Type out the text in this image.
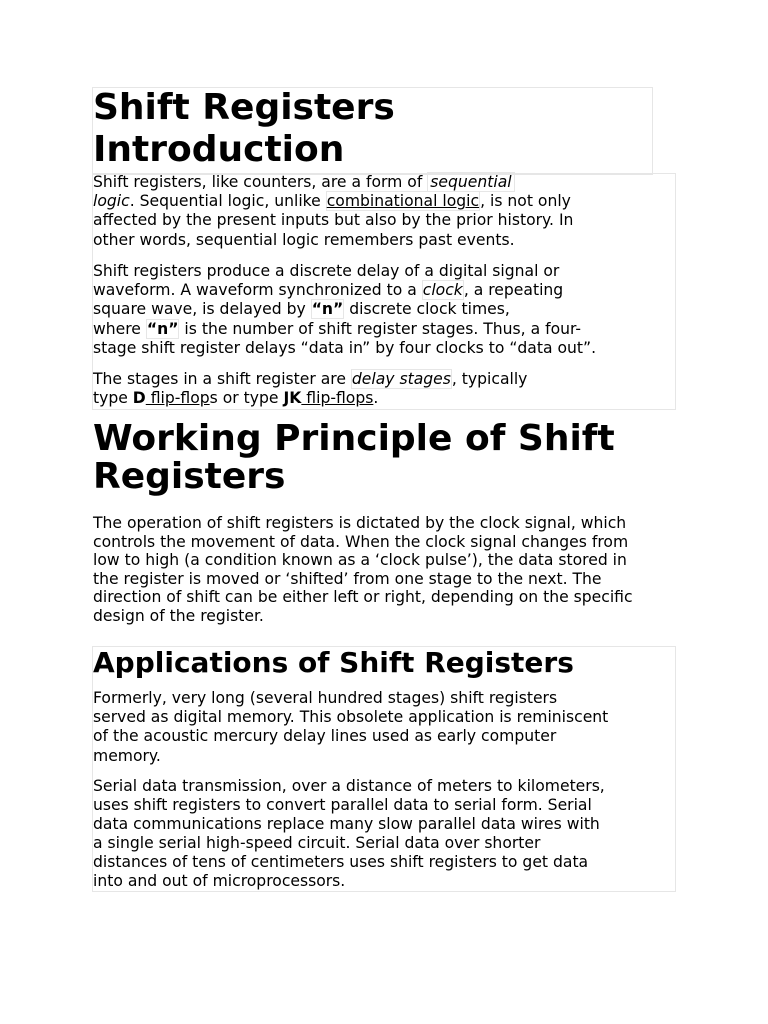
Shift Registers
Introduction

Shift registers, like counters, are a form of sequential
logic. Sequential logic, unlike combinational logic, is not only
affected by the present inputs but also by the prior history. In
other words, sequential logic remembers past events.

Shift registers produce a discrete delay of a digital signal or
waveform. A waveform synchronized to a clock, a repeating
square wave, is delayed by “n” discrete clock times,
where “n” is the number of shift register stages. Thus, a four-
stage shift register delays “data in” by four clocks to “data out”.

The stages in a shift register are delay stages, typically
type D flip-flops or type JK flip-flops.

Working Principle of Shift
Registers

The operation of shift registers is dictated by the clock signal, which
controls the movement of data. When the clock signal changes from
low to high (a condition known as a ‘clock pulse’), the data stored in
the register is moved or ‘shifted’ from one stage to the next. The
direction of shift can be either left or right, depending on the specific
design of the register.

Applications of Shift Registers

Formerly, very long (several hundred stages) shift registers
served as digital memory. This obsolete application is reminiscent
of the acoustic mercury delay lines used as early computer
memory.

Serial data transmission, over a distance of meters to kilometers,
uses shift registers to convert parallel data to serial form. Serial
data communications replace many slow parallel data wires with
a single serial high-speed circuit. Serial data over shorter
distances of tens of centimeters uses shift registers to get data
into and out of microprocessors.
